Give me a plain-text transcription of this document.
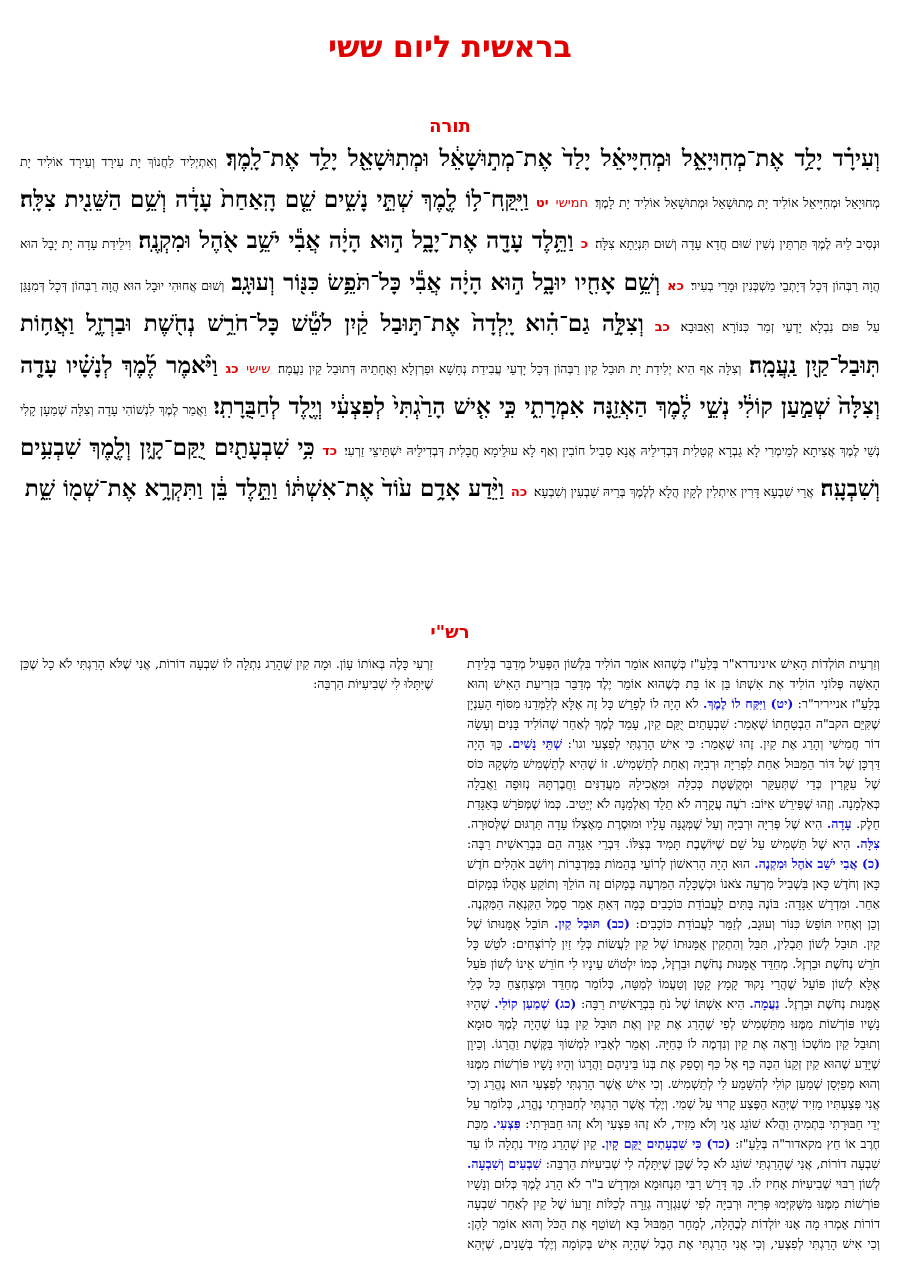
בראשית ליום ששי
תורה
וְעִירָ֗ד יָלַ֥ד אֶת־מְחֽוּיָאֵ֑ל וּמְחִיָּיאֵ֗ל יָלַד֙ אֶת־מְת֣וּשָׁאֵ֔ל וּמְתֽוּשָׁאֵ֖ל יָלַ֥ד אֶת־לָֽמֶךְ׃ וְאִתְיְלִיד לַחֲנוֹךְ יָת עִירָד וְעִירָד אוֹלִיד יָת מְחוּיָאֵל וּמְחִיָּיאֵל אוֹלִיד יָת מְתוּשָׁאֵל וּמְתוּשָׁאֵל אוֹלִיד יָת לָמֶךְ׃ חמישי יט וַיִּֽקַּֽח־ל֥וֹ לֶ֖מֶךְ שְׁתֵּ֣י נָשִׁ֑ים שֵׁ֤ם הָֽאַחַת֙ עָדָ֔ה וְשֵׁ֥ם הַשֵּׁנִ֖ית צִלָּֽה׃ וּנְסִיב לֵיהּ לֶמֶךְ תַּרְתֵּין נְשִׁין שׁוּם חֲדָא עָדָה וְשׁוּם תִּנְיֵתָא צִלָּה׃ כ וַתֵּ֥לֶד עָדָ֖ה אֶת־יָבָ֑ל ה֣וּא הָיָ֔ה אֲבִ֕י יֹשֵׁ֥ב אֹ֖הֶל וּמִקְנֶֽה׃ וִילֵידַת עָדָה יָת יָבָל הוּא הֲוָה רַבְּהוֹן דְּכָל דְּיָתְבֵי מַשְׁכְּנִין וּמָרֵי בְעִיר׃ כא וְשֵׁ֥ם אָחִ֖יו יוּבָ֑ל ה֣וּא הָיָ֔ה אֲבִ֕י כָּל־תֹּפֵ֥שׂ כִּנּ֖וֹר וְעוּגָֽב׃ וְשׁוּם אֲחוּהִי יוּבָל הוּא הֲוָה רַבְּהוֹן דְּכָל דְּמִנַּגַּן עַל פּוּם נִבְלָא יָדְעֵי זְמַר כִּנּוֹרָא וְאַבּוּבָא׃ כב וְצִלָּ֣ה גַם־הִ֗וא יָֽלְדָה֙ אֶת־תּ֣וּבַל קַ֔יִן לֹטֵ֕שׁ כָּל־חֹרֵ֥שׁ נְחֹ֖שֶׁת וּבַרְזֶ֑ל וַאֲח֥וֹת תּֽוּבַל־קַ֖יִן נַֽעֲמָֽה׃ וְצִלָּה אַף הִיא יְלִידַת יָת תּוּבַל קַיִן רַבְּהוֹן דְּכָל יָדְעֵי עֲבִידַת נְחָשָׁא וּפַרְזְלָא וַאֲחָתֵיהּ דְּתוּבַל קַיִן נַעֲמָה׃ שישי כג וַיֹּ֨אמֶר לֶ֜מֶךְ לְנָשָׁ֗יו עָדָ֤ה וְצִלָּה֙ שְׁמַ֣עַן קוֹלִ֔י נְשֵׁ֣י לֶ֔מֶךְ הַאְזֵ֖נָּה אִמְרָתִ֑י כִּ֣י אִ֤ישׁ הָרַ֙גְתִּי֙ לְפִצְעִ֔י וְיֶ֖לֶד לְחַבֻּרָתִֽי׃ וַאֲמַר לֶמֶךְ לִנְשׁוֹהִי עָדָה וְצִלָּה שְׁמַעָן קָלִי נְשֵׁי לֶמֶךְ אֲצִיתָא לְמֵימְרִי לָא גַבְרָא קְטָלִית דְּבְדִילֵיהּ אֲנָא סָבִיל חוֹבִין וְאַף לָא עוּלֵימָא חֲבָלִית דְּבְדִילֵיהּ יִשְׁתֵּיצֵי זַרְעִי׃ כד כִּ֥י שִׁבְעָתַ֖יִם יֻקַּם־קָ֑יִן וְלֶ֖מֶךְ שִׁבְעִ֥ים וְשִׁבְעָֽה׃ אֲרֵי שִׁבְעָא דָּרִין אִיתְלִין לְקָיִן הֲלָא לְלֶמֶךְ בְּרֵיהּ שַׁבְעִין וְשִׁבְעָא׃ כה וַיֵּ֨דַע אָדָ֥ם ע֙וֹד֙ אֶת־אִשְׁתּ֔וֹ וַתֵּ֣לֶד בֵּ֔ן וַתִּקְרָ֥א אֶת־שְׁמ֖וֹ שֵׁ֑ת
רש"י
וְזִרְעִית תּוֹלְדוֹת הָאִישׁ אינינדרא"ר בְּלַעַ"ז כְּשֶׁהוּא אוֹמֵר הוֹלִיד בִּלְשׁוֹן הַפְּעִיל מְדַבֵּר בְּלֵידַת הָאִשָּׁה פְּלוֹנִי הוֹלִיד אֶת אִשְׁתּוֹ בֵּן אוֹ בַּת כְּשֶׁהוּא אוֹמֵר יֶלֶד מְדַבֵּר בִּזְרִיעַת הָאִישׁ וְהוּא בְּלַעַ"ז אנייריר"ר: (יט) וַיִּקַּח לוֹ לֶמֶךְ. לֹא הָיָה לוֹ לְפָרֵשׁ כָּל זֶה אֶלָּא לְלַמְּדֵנוּ מִסּוֹף הָעִנְיָן שֶׁקִּיֵּם הקב"ה הַבְטָחָתוֹ שֶׁאָמַר: שִׁבְעָתַיִם יֻקַּם קַיִן, עָמַד לֶמֶךְ לְאַחַר שֶׁהוֹלִיד בָּנִים וְעָשָׂה דוֹר חֲמִישִׁי וְהָרַג אֶת קַיִן. זֶהוּ שֶׁאָמַר: כִּי אִישׁ הָרַגְתִּי לְפִצְעִי וגו': שְׁתֵּי נָשִׁים. כָּךְ הָיָה דַּרְכָּן שֶׁל דּוֹר הַמַּבּוּל אַחַת לִפְרִיָּה וּרְבִיָּה וְאַחַת לְתַשְׁמִישׁ. זוֹ שֶׁהִיא לְתַשְׁמִישׁ מַשְׁקָהּ כּוֹס שֶׁל עִקָּרִין כְּדֵי שֶׁתְּעַקֵּר וּמְקֻשֶּׁטֶת כְּכַלָּה וּמַאֲכִילָהּ מַעֲדַנִּים וַחֲבֶרְתָּהּ נְזוּפָה וַאֲבֵלָה כְּאַלְמָנָה. וְזֶהוּ שֶׁפֵּירֵשׁ אִיּוֹב: רֹעֶה עֲקָרָה לֹא תֵלֵד וְאַלְמָנָה לֹא יְיֵטִיב. כְּמוֹ שֶׁמְּפֹרָשׁ בְּאַגָּדַת חֵלֶק. עָדָה. הִיא שֶׁל פְּרִיָּה וּרְבִיָּה וְעַל שֶׁמְּגֻנָּה עָלָיו וּמוּסֶרֶת מֵאֶצְלוֹ עָדָה תַּרְגּוּם שֶׁלְּסוּרָה. צִלָּה. הִיא שֶׁל תַּשְׁמִישׁ עַל שֵׁם שֶׁיּוֹשֶׁבֶת תָּמִיד בְּצִלּוֹ. דִּבְרֵי אַגָּדָה הֵם בִּבְרֵאשִׁית רַבָּה: (כ) אֲבִי יֹשֵׁב אֹהֶל וּמִקְנֶה. הוּא הָיָה הָרִאשׁוֹן לְרוֹעֵי בְּהֵמוֹת בַּמִּדְבָּרוֹת וְיוֹשֵׁב אֹהָלִים חֹדֶשׁ כָּאן וְחֹדֶשׁ כָּאן בִּשְׁבִיל מִרְעֵה צֹאנוֹ וּכְשֶׁכָּלָה הַמִּרְעֶה בְּמָקוֹם זֶה הוֹלֵךְ וְתוֹקֵעַ אָהֳלוֹ בְּמָקוֹם אַחֵר. וּמִדְרָשׁ אַגָּדָה: בּוֹנֶה בָּתִּים לַעֲבוֹדַת כּוֹכָבִים כְּמָה דְּאַתְּ אָמַר סֵמֶל הַקִּנְאָה הַמַּקְנֶה. וְכֵן וְאָחִיו תּוֹפֵשׂ כִּנּוֹר וְעוּגָב, לְזַמֵּר לַעֲבוֹדַת כּוֹכָבִים: (כב) תּוּבַל קַיִן. תּוֹבֵל אֻמָּנוּתוֹ שֶׁל קַיִן. תּוּבַל לְשׁוֹן תַּבְלִין, תִּבֵּל וְהִתְקִין אֻמָּנוּתוֹ שֶׁל קַיִן לַעֲשׂוֹת כְּלֵי זַיִן לָרוֹצְחִים: לֹטֵשׁ כָּל חֹרֵשׁ נְחֹשֶׁת וּבַרְזֶל. מְחַדֵּד אֻמָּנוּת נְחֹשֶׁת וּבַרְזֶל, כְּמוֹ יִלְטוֹשׁ עֵינָיו לִי חוֹרֵשׁ אֵינוֹ לְשׁוֹן פֹּעַל אֶלָּא לְשׁוֹן פּוֹעֵל שֶׁהֲרֵי נָקוּד קָמָץ קָטָן וְטַעֲמוֹ לְמַטָּה, כְּלוֹמַר מְחַדֵּד וּמְצַחְצֵחַ כָּל כְּלֵי אֻמָּנוּת נְחֹשֶׁת וּבַרְזֶל. נַעֲמָה. הִיא אִשְׁתּוֹ שֶׁל נֹחַ בִּבְרֵאשִׁית רַבָּה: (כג) שְׁמַעַן קוֹלִי. שֶׁהָיוּ נָשָׁיו פּוֹרְשׁוֹת מִמֶּנּוּ מִתַּשְׁמִישׁ לְפִי שֶׁהָרַג אֶת קַיִן וְאֶת תּוּבַל קַיִן בְּנוֹ שֶׁהָיָה לֶמֶךְ סוּמָא וְתוּבַל קַיִן מוֹשְׁכוֹ וְרָאָה אֶת קַיִן וְנִדְמֶה לוֹ כְּחַיָּה. וְאָמַר לְאָבִיו לִמְשׁוֹךְ בַּקֶּשֶׁת וַהֲרָגוֹ. וְכֵיוָן שֶׁיָּדַע שֶׁהוּא קַיִן זְקֵנוֹ הִכָּה כַּף אֶל כַּף וְסָפַק אֶת בְּנוֹ בֵּינֵיהֶם וַהֲרָגוֹ וְהָיוּ נָשָׁיו פּוֹרְשׁוֹת מִמֶּנּוּ וְהוּא מְפַיְּסָן שְׁמַעַן קוֹלִי לְהִשָּׁמַע לִי לְתַשְׁמִישׁ. וְכִי אִישׁ אֲשֶׁר הָרַגְתִּי לְפִצְעִי הוּא נֶהֱרַג וְכִי אֲנִי פְּצַעְתִּיו מֵזִיד שֶׁיְּהֵא הַפֶּצַע קָרוּי עַל שְׁמִי. וְיֶלֶד אֲשֶׁר הָרַגְתִּי לְחַבּוּרָתִי נֶהֱרַג, כְּלוֹמַר עַל יְדֵי חַבּוּרָתִי בִּתְמִיהָ וַהֲלֹא שׁוֹגֵג אֲנִי וְלֹא מֵזִיד, לֹא זֶהוּ פִּצְעִי וְלֹא זֶהוּ חַבּוּרָתִי: פִּצְעִי. מַכַּת חֶרֶב אוֹ חֵץ מקאדור"ה בְּלַעַ"ז: (כד) כִּי שִׁבְעָתַיִם יֻקַּם קָיִן. קַיִן שֶׁהָרַג מֵזִיד נִתְלָה לוֹ עַד שִׁבְעָה דוֹרוֹת, אֲנִי שֶׁהָרַגְתִּי שׁוֹגֵג לֹא כָל שֶׁכֵּן שֶׁיִּתָּלֶה לִי שְׁבִיעִיּוֹת הַרְבֵּה: שִׁבְעִים וְשִׁבְעָה. לְשׁוֹן רִבּוּי שְׁבִיעִיּוֹת אָחִיז לוֹ. כָּךְ דָּרַשׁ רַבִּי תַּנְחוּמָא וּמִדְרָשׁ ב"ר לֹא הָרַג לֶמֶךְ כְּלוּם וְנָשָׁיו פּוֹרְשׁוֹת מִמֶּנּוּ מִשֶּׁקִּיְּמוּ פְּרִיָּה וּרְבִיָּה לְפִי שֶׁנִּגְזְרָה גְזֵרָה לְכַלּוֹת זַרְעוֹ שֶׁל קַיִן לְאַחַר שִׁבְעָה דוֹרוֹת אָמְרוּ מָה אָנוּ יוֹלְדוֹת לְבֶהָלָה, לְמָחָר הַמַּבּוּל בָּא וְשׁוֹטֵף אֶת הַכֹּל וְהוּא אוֹמֵר לָהֶן: וְכִי אִישׁ הָרַגְתִּי לְפִצְעִי, וְכִי אֲנִי הָרַגְתִּי אֶת הֶבֶל שֶׁהָיָה אִישׁ בְּקוֹמָה וְיֶלֶד בְּשָׁנִים, שֶׁיְּהֵא זַרְעִי כָּלֶה בְּאוֹתוֹ עָוֹן. וּמָה קַיִן שֶׁהָרַג נִתְלָה לוֹ שִׁבְעָה דוֹרוֹת, אֲנִי שֶׁלֹּא הָרַגְתִּי לֹא כָל שֶׁכֵּן שֶׁיִּתָּלוּ לִי שְׁבִיעִיּוֹת הַרְבֵּה:
